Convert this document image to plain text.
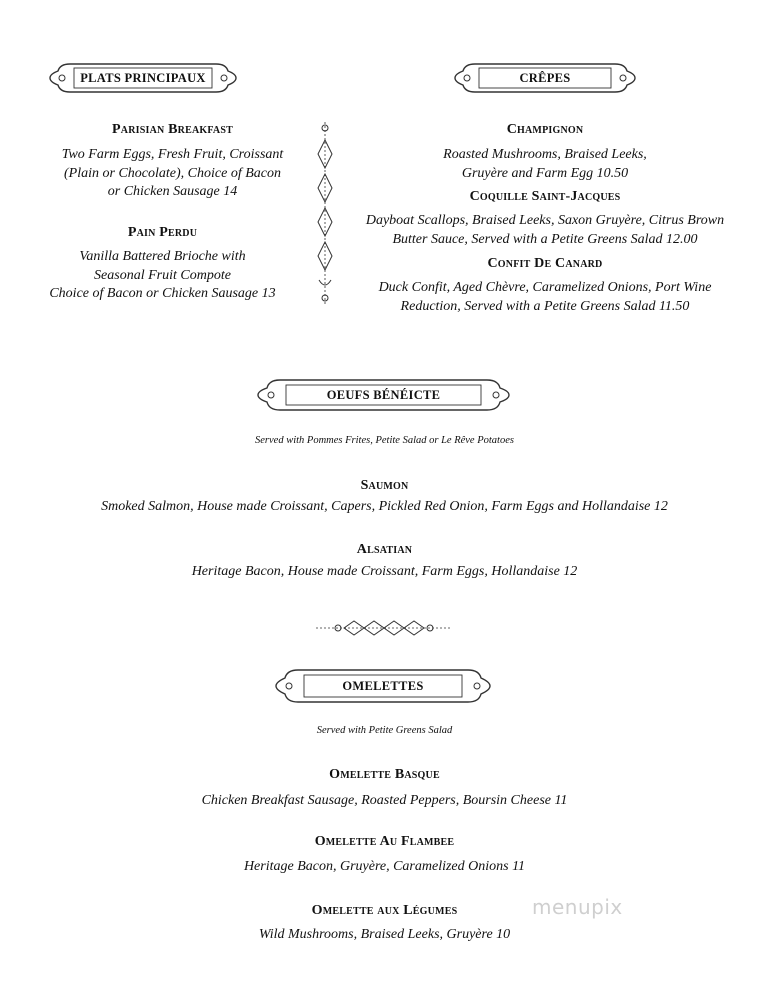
PLATS PRINCIPAUX	CRÊPES
Parisian Breakfast
Two Farm Eggs, Fresh Fruit, Croissant
(Plain or Chocolate), Choice of Bacon
or Chicken Sausage 14
Pain Perdu
Vanilla Battered Brioche with
Seasonal Fruit Compote
Choice of Bacon or Chicken Sausage 13
Champignon
Roasted Mushrooms, Braised Leeks,
Gruyère and Farm Egg 10.50
Coquille Saint-Jacques
Dayboat Scallops, Braised Leeks, Saxon Gruyère, Citrus Brown
Butter Sauce, Served with a Petite Greens Salad 12.00
Confit De Canard
Duck Confit, Aged Chèvre, Caramelized Onions, Port Wine
Reduction, Served with a Petite Greens Salad 11.50
OEUFS BÉNÉICTE
Served with Pommes Frites, Petite Salad or Le Rêve Potatoes
Saumon
Smoked Salmon, House made Croissant, Capers, Pickled Red Onion, Farm Eggs and Hollandaise 12
Alsatian
Heritage Bacon, House made Croissant, Farm Eggs, Hollandaise 12
OMELETTES
Served with Petite Greens Salad
Omelette Basque
Chicken Breakfast Sausage, Roasted Peppers, Boursin Cheese 11
Omelette Au Flambee
Heritage Bacon, Gruyère, Caramelized Onions 11
Omelette aux Légumes
Wild Mushrooms, Braised Leeks, Gruyère 10
menupix
